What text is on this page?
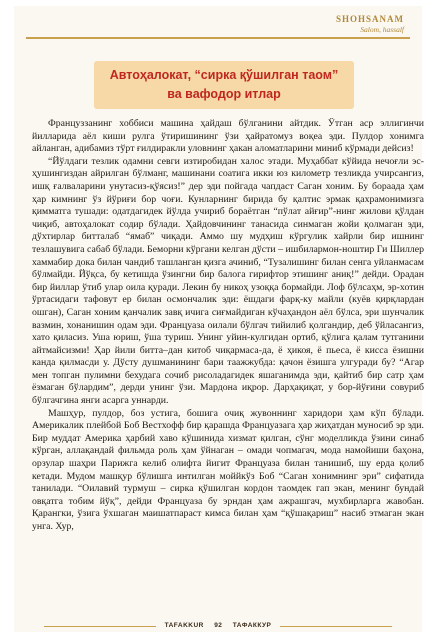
SHOHSANAM
Salom, hassalf
Автоҳалокат, “сирка қўшилган таом”
ва вафодор итлар

Француззанинг хоббиси машина ҳайдаш бўлганини айтдик. Ўтган аср эллигинчи йилларида аёл киши рулга ўтиришининг ўзи ҳайратомуз воқеа эди. Пулдор хонимга айланган, адибамиз тўрт ғилдиракли уловнинг ҳакан аломатларини миниб кўрмади дейсиз!

“Йўлдаги тезлик одамни севги изтиробидан халос этади. Муҳаббат кўйида нечоғли эс-ҳушингиздан айрилган бўлманг, машинани соатига икки юз километр тезликда учирсангиз, ишқ ғалваларини унутасиз-қўясиз!” дер эди пойгада чапдаст Саган хоним. Бу бораада ҳам ҳар кимнинг ўз йўриғи бор чоғи. Кунларнинг бирида бу қалтис эрмак қахрамонимизга қимматга тушади: одатдагидек йўлда учириб бораётган “пўлат айғир”-нинг жилови қўлдан чиқиб, автоҳалокат содир бўлади. Ҳайдовчининг танасида синмаган жойи қолмаган эди, дўхтирлар битталаб “ямаб” чиқади. Аммо шу мудҳиш кўргулик хайрли бир ишнинг тезлашувига сабаб бўлади. Беморни кўргани келган дўсти – ишбилармон-ноштир Ги Шиллер хаммабир дока билан чандиб ташланган қизга ачиниб, “Тузалишинг билан сенга уйланмасам бўлмайди. Йўқса, бу кетишда ўзингни бир балога гирифтор этишинг аниқ!” дейди. Орадан бир йиллар ўтиб улар оила қуради. Лекин бу никоҳ узоққа бормайди. Лоф бўлсаҳм, эр-хотин ўртасидаги тафовут ер билан осмончалик эди: ёшдаги фарқ-ку майли (куёв қирқлардан ошган), Саган хоним қанчалик завқ ичига сиғмайдиган кўчаҳандон аёл бўлса, эри шунчалик вазмин, хонанишин одам эди. Француаза оилали бўлгач тийилиб қолгандир, деб ўйласангиз, хато қиласиз. Уша юриш, ўша туриш. Унинг уйин-кулгидан ортиб, қўлига қалам тутганини айтмайсизми! Ҳар йили битта–дан китоб чиқармаса-да, ё ҳикоя, ё пьеса, ё кисса ёзишни канда қилмасди у. Дўсту душманининг бари таажжубда: қачон ёзишга улгуради бу? “Агар мен топган пулимни бехудага сочиб рисоладагидек яшаганимда эди, қайтиб бир сатр ҳам ёзмаган бўлардим”, дерди унинг ўзи. Мардона иқрор. Дарҳақиқат, у бор-йўғини совуриб бўлгачгина янги асарга уннарди.

Машҳур, пулдор, боз устига, бошига очиқ жувоннинг харидори ҳам кўп бўлади. Америкалик плейбой Боб Вестхофф бир қарашда Француазага ҳар жиҳатдан муносиб эр эди. Бир муддат Америка ҳарбий хаво кўшинида хизмат қилган, сўнг моделликда ўзини синаб кўрган, аллақандай фильмда роль ҳам ўйнаган – омади чопмагач, мода намойиши баҳона, орзулар шаҳри Парижга келиб олифта йигит Француаза билан танишиб, шу ерда қолиб кетади. Мудом машқур бўлишга интилган моййкўз Боб “Саган хонимнинг эри” сифатида танилади. “Оилавий турмуш – сирка қўшилган кордон таомдек гап экан, менинг бундай овқатга тобим йўқ”, дейди Француаза бу эрндан ҳам ажрашгач, мухбирларга жавобан. Қарангки, ўзига ўхшаган маишатпараст кимса билан ҳам “қўшақариш” насиб этмаган экан унга. Хур,

TAFAKKUR 92 ТАФАККУР
